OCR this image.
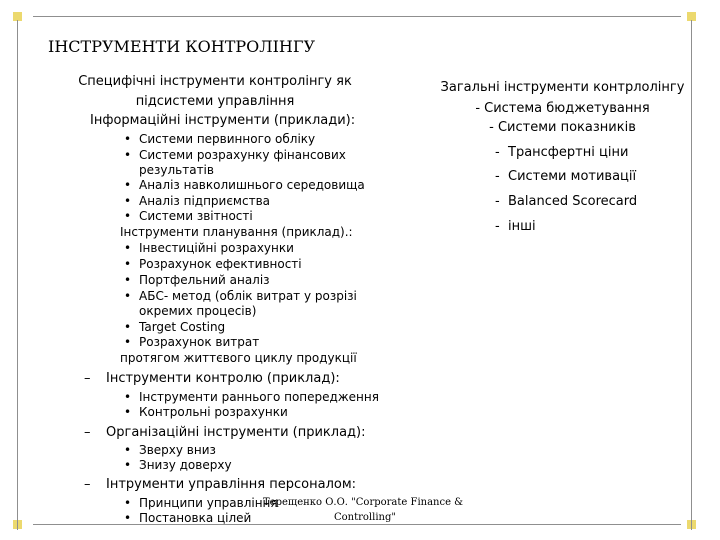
ІНСТРУМЕНТИ КОНТРОЛІНГУ
Специфічні інструменти контролінгу як
підсистеми управління
Інформаційні інструменти (приклади):
• Системи первинного обліку
• Системи розрахунку фінансових
результатів
• Аналіз навколишнього середовища
• Аналіз підприємства
• Системи звітності
Інструменти планування (приклад).:
• Інвестиційні розрахунки
• Розрахунок ефективності
• Портфельний аналіз
• АБС- метод (облік витрат у розрізі
окремих процесів)
• Target Costing
• Розрахунок витрат
протягом життєвого циклу продукції
– Інструменти контролю (приклад):
• Інструменти раннього попередження
• Контрольні розрахунки
– Організаційні інструменти (приклад):
• Зверху вниз
• Знизу доверху
– Інтрументи управління персоналом:
• Принципи управління
• Постановка цілей
Терещенко О.О. "Corporate Finance &
Controlling"
Загальні інструменти контрлолінгу
- Система бюджетування
- Системи показників
- Трансфертні ціни
- Системи мотивації
- Balanced Scorecard
- інші
